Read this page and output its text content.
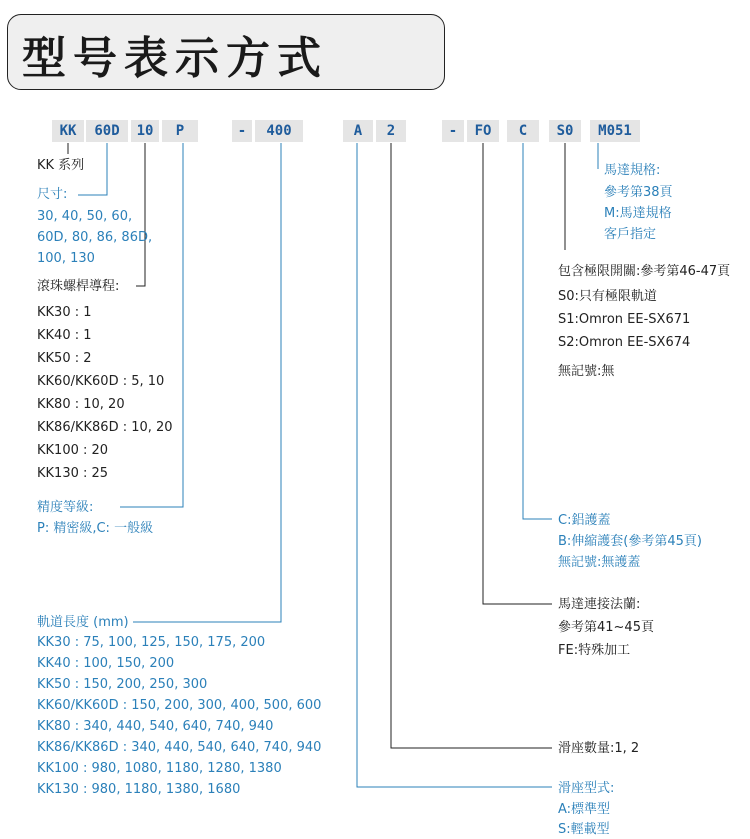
型号表示方式
KK	60D	10	P	-	400	A	2	-	FO	C	S0	M051
KK 系列
尺寸:
30, 40, 50, 60,
60D, 80, 86, 86D,
100, 130
滾珠螺桿導程:
KK30 : 1
KK40 : 1
KK50 : 2
KK60/KK60D : 5, 10
KK80 : 10, 20
KK86/KK86D : 10, 20
KK100 : 20
KK130 : 25
精度等級:
P: 精密級,C: 一般級
軌道長度 (mm)
KK30 : 75, 100, 125, 150, 175, 200
KK40 : 100, 150, 200
KK50 : 150, 200, 250, 300
KK60/KK60D : 150, 200, 300, 400, 500, 600
KK80 : 340, 440, 540, 640, 740, 940
KK86/KK86D : 340, 440, 540, 640, 740, 940
KK100 : 980, 1080, 1180, 1280, 1380
KK130 : 980, 1180, 1380, 1680
馬達規格:
參考第38頁
M:馬達規格
客戶指定
包含極限開關:參考第46-47頁
S0:只有極限軌道
S1:Omron EE-SX671
S2:Omron EE-SX674
無記號:無
C:鋁護蓋
B:伸縮護套(參考第45頁)
無記號:無護蓋
馬達連接法蘭:
參考第41~45頁
FE:特殊加工
滑座數量:1, 2
滑座型式:
A:標準型
S:輕載型
